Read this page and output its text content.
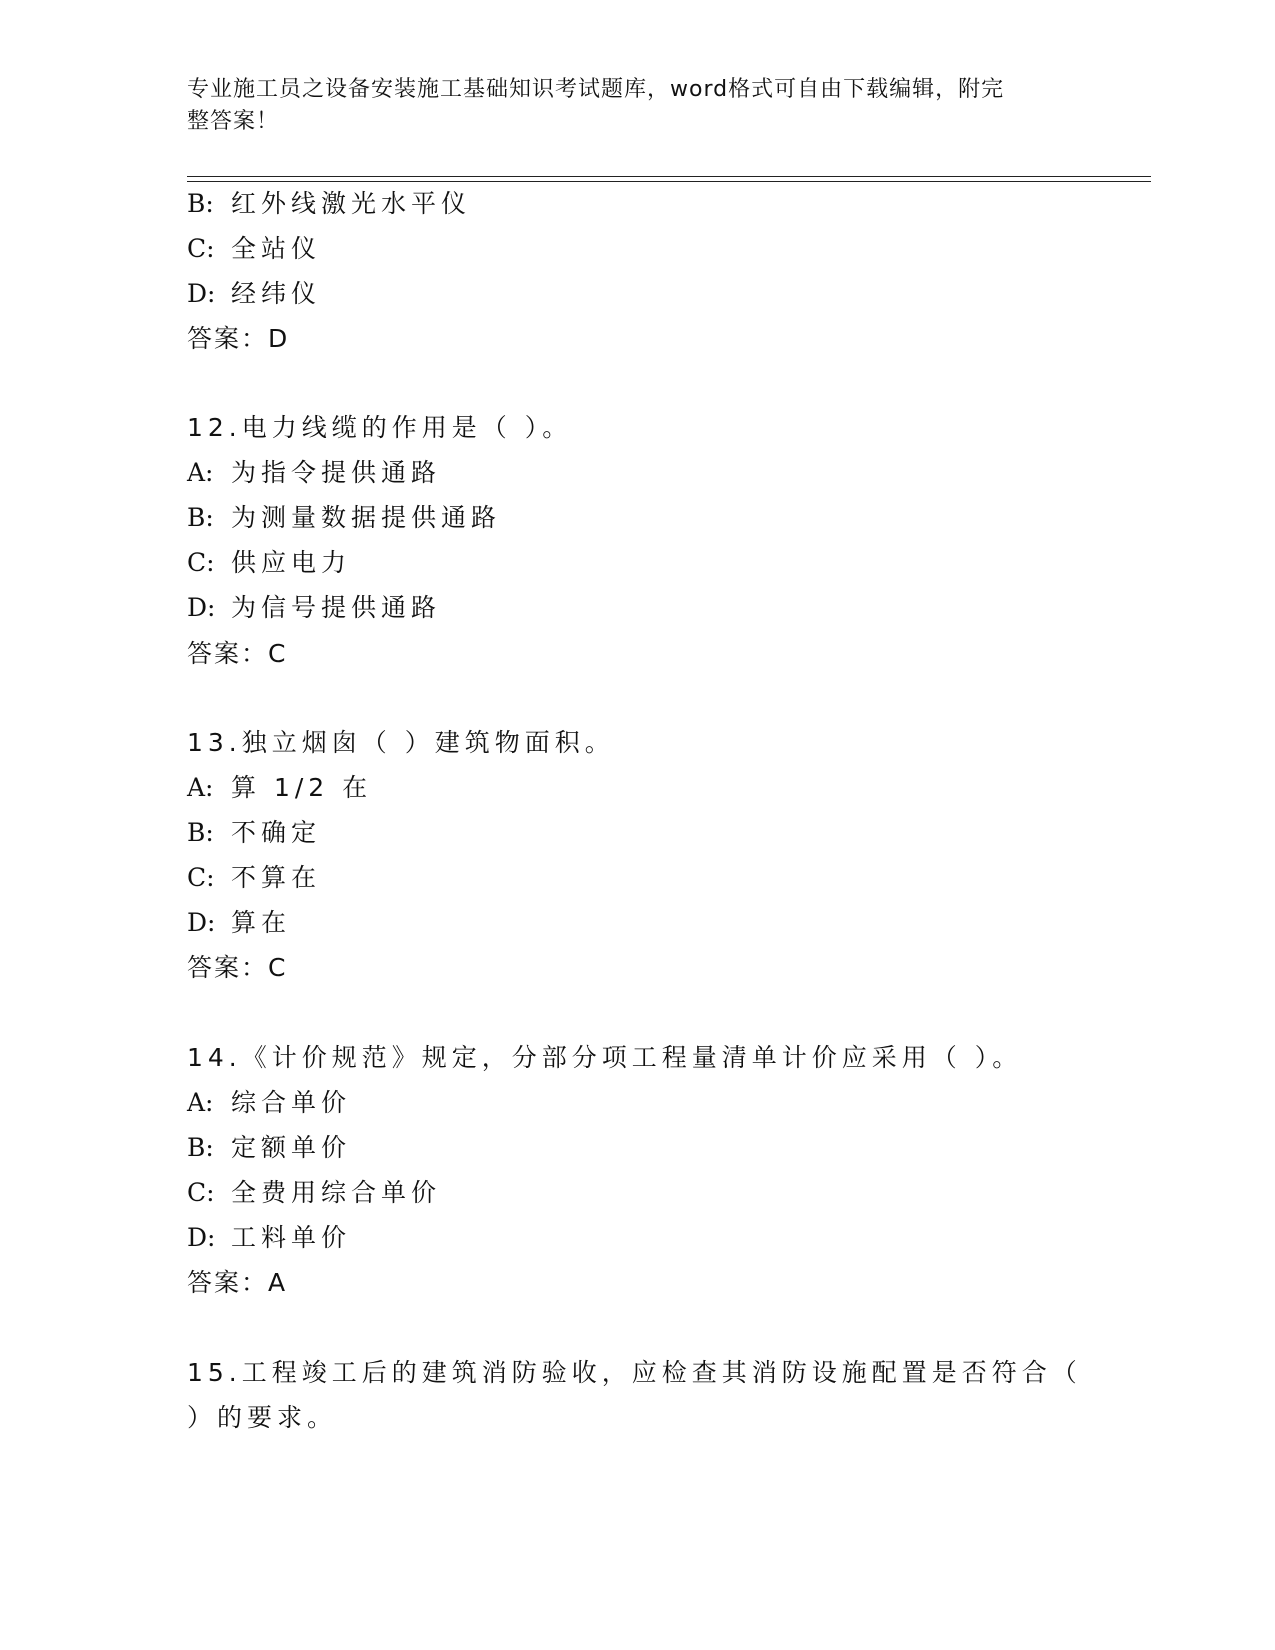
专业施工员之设备安装施工基础知识考试题库，word格式可自由下载编辑，附完
整答案！
B: 红外线激光水平仪
C: 全站仪
D: 经纬仪
答案：D
12.电力线缆的作用是（ ）。
A: 为指令提供通路
B: 为测量数据提供通路
C: 供应电力
D: 为信号提供通路
答案：C
13.独立烟囱（ ）建筑物面积。
A: 算 1/2 在
B: 不确定
C: 不算在
D: 算在
答案：C
14.《计价规范》规定，分部分项工程量清单计价应采用（ ）。
A: 综合单价
B: 定额单价
C: 全费用综合单价
D: 工料单价
答案：A
15.工程竣工后的建筑消防验收，应检查其消防设施配置是否符合（
）的要求。
